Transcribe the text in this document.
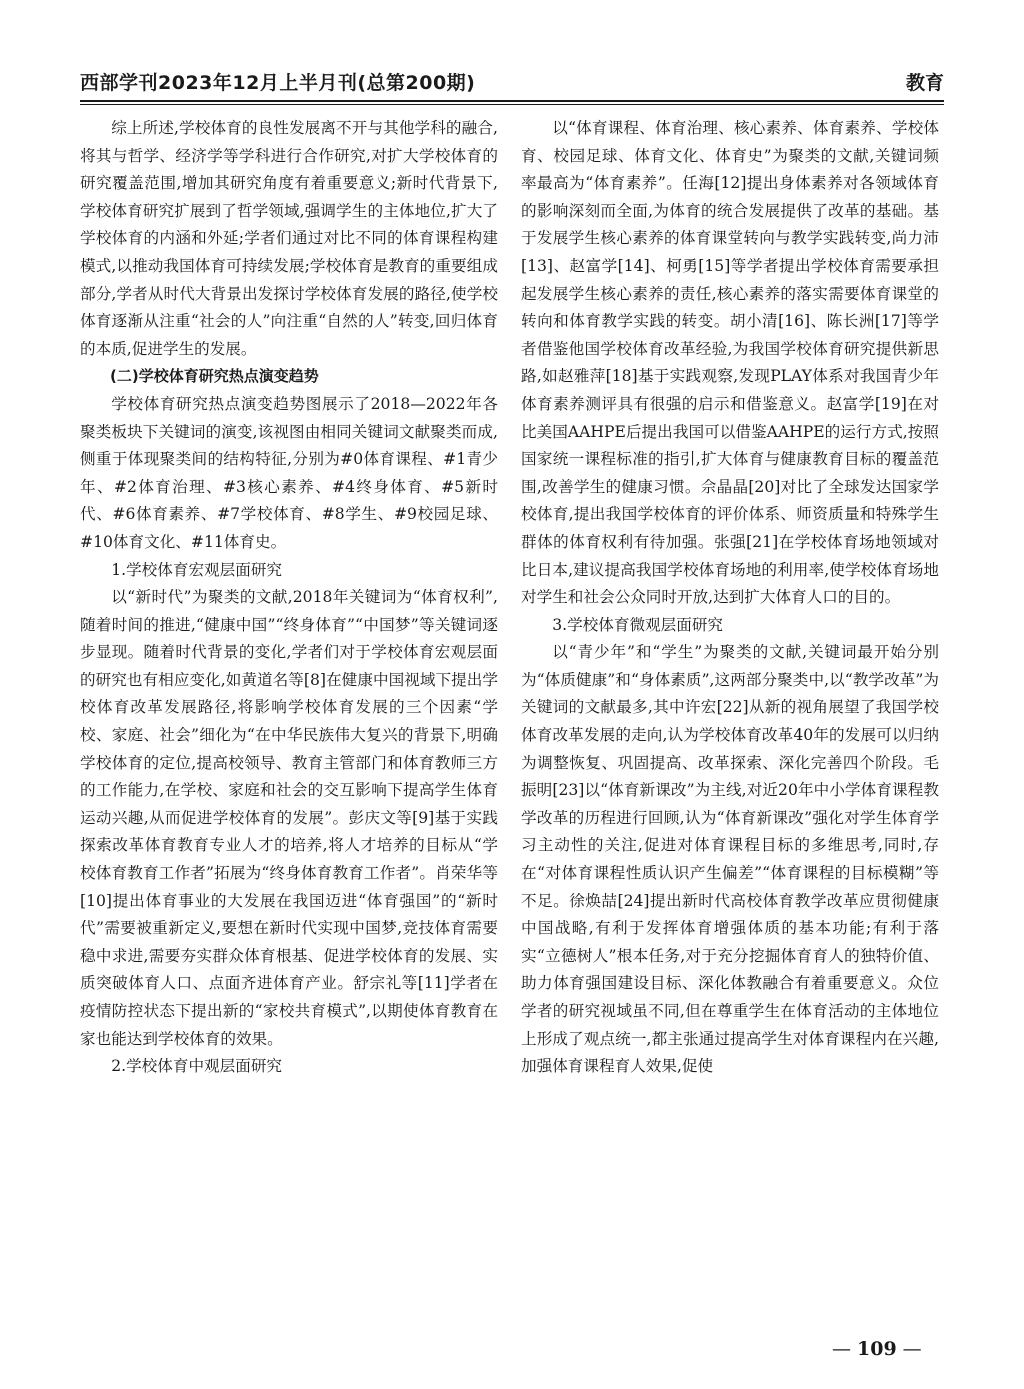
西部学刊2023年12月上半月刊(总第200期)	教育

综上所述,学校体育的良性发展离不开与其他学科的融合,将其与哲学、经济学等学科进行合作研究,对扩大学校体育的研究覆盖范围,增加其研究角度有着重要意义;新时代背景下,学校体育研究扩展到了哲学领域,强调学生的主体地位,扩大了学校体育的内涵和外延;学者们通过对比不同的体育课程构建模式,以推动我国体育可持续发展;学校体育是教育的重要组成部分,学者从时代大背景出发探讨学校体育发展的路径,使学校体育逐渐从注重“社会的人”向注重“自然的人”转变,回归体育的本质,促进学生的发展。

(二)学校体育研究热点演变趋势

学校体育研究热点演变趋势图展示了2018—2022年各聚类板块下关键词的演变,该视图由相同关键词文献聚类而成,侧重于体现聚类间的结构特征,分别为#0体育课程、#1青少年、#2体育治理、#3核心素养、#4终身体育、#5新时代、#6体育素养、#7学校体育、#8学生、#9校园足球、#10体育文化、#11体育史。

1.学校体育宏观层面研究

以“新时代”为聚类的文献,2018年关键词为“体育权利”,随着时间的推进,“健康中国”“终身体育”“中国梦”等关键词逐步显现。随着时代背景的变化,学者们对于学校体育宏观层面的研究也有相应变化,如黄道名等[8]在健康中国视域下提出学校体育改革发展路径,将影响学校体育发展的三个因素“学校、家庭、社会”细化为“在中华民族伟大复兴的背景下,明确学校体育的定位,提高校领导、教育主管部门和体育教师三方的工作能力,在学校、家庭和社会的交互影响下提高学生体育运动兴趣,从而促进学校体育的发展”。彭庆文等[9]基于实践探索改革体育教育专业人才的培养,将人才培养的目标从“学校体育教育工作者”拓展为“终身体育教育工作者”。肖荣华等[10]提出体育事业的大发展在我国迈进“体育强国”的“新时代”需要被重新定义,要想在新时代实现中国梦,竞技体育需要稳中求进,需要夯实群众体育根基、促进学校体育的发展、实质突破体育人口、点面齐进体育产业。舒宗礼等[11]学者在疫情防控状态下提出新的“家校共育模式”,以期使体育教育在家也能达到学校体育的效果。

2.学校体育中观层面研究

以“体育课程、体育治理、核心素养、体育素养、学校体育、校园足球、体育文化、体育史”为聚类的文献,关键词频率最高为“体育素养”。任海[12]提出身体素养对各领域体育的影响深刻而全面,为体育的统合发展提供了改革的基础。基于发展学生核心素养的体育课堂转向与教学实践转变,尚力沛[13]、赵富学[14]、柯勇[15]等学者提出学校体育需要承担起发展学生核心素养的责任,核心素养的落实需要体育课堂的转向和体育教学实践的转变。胡小清[16]、陈长洲[17]等学者借鉴他国学校体育改革经验,为我国学校体育研究提供新思路,如赵雅萍[18]基于实践观察,发现PLAY体系对我国青少年体育素养测评具有很强的启示和借鉴意义。赵富学[19]在对比美国AAHPE后提出我国可以借鉴AAHPE的运行方式,按照国家统一课程标准的指引,扩大体育与健康教育目标的覆盖范围,改善学生的健康习惯。佘晶晶[20]对比了全球发达国家学校体育,提出我国学校体育的评价体系、师资质量和特殊学生群体的体育权利有待加强。张强[21]在学校体育场地领域对比日本,建议提高我国学校体育场地的利用率,使学校体育场地对学生和社会公众同时开放,达到扩大体育人口的目的。

3.学校体育微观层面研究

以“青少年”和“学生”为聚类的文献,关键词最开始分别为“体质健康”和“身体素质”,这两部分聚类中,以“教学改革”为关键词的文献最多,其中许宏[22]从新的视角展望了我国学校体育改革发展的走向,认为学校体育改革40年的发展可以归纳为调整恢复、巩固提高、改革探索、深化完善四个阶段。毛振明[23]以“体育新课改”为主线,对近20年中小学体育课程教学改革的历程进行回顾,认为“体育新课改”强化对学生体育学习主动性的关注,促进对体育课程目标的多维思考,同时,存在“对体育课程性质认识产生偏差”“体育课程的目标模糊”等不足。徐焕喆[24]提出新时代高校体育教学改革应贯彻健康中国战略,有利于发挥体育增强体质的基本功能;有利于落实“立德树人”根本任务,对于充分挖掘体育育人的独特价值、助力体育强国建设目标、深化体教融合有着重要意义。众位学者的研究视域虽不同,但在尊重学生在体育活动的主体地位上形成了观点统一,都主张通过提高学生对体育课程内在兴趣,加强体育课程育人效果,促使

— 109 —
